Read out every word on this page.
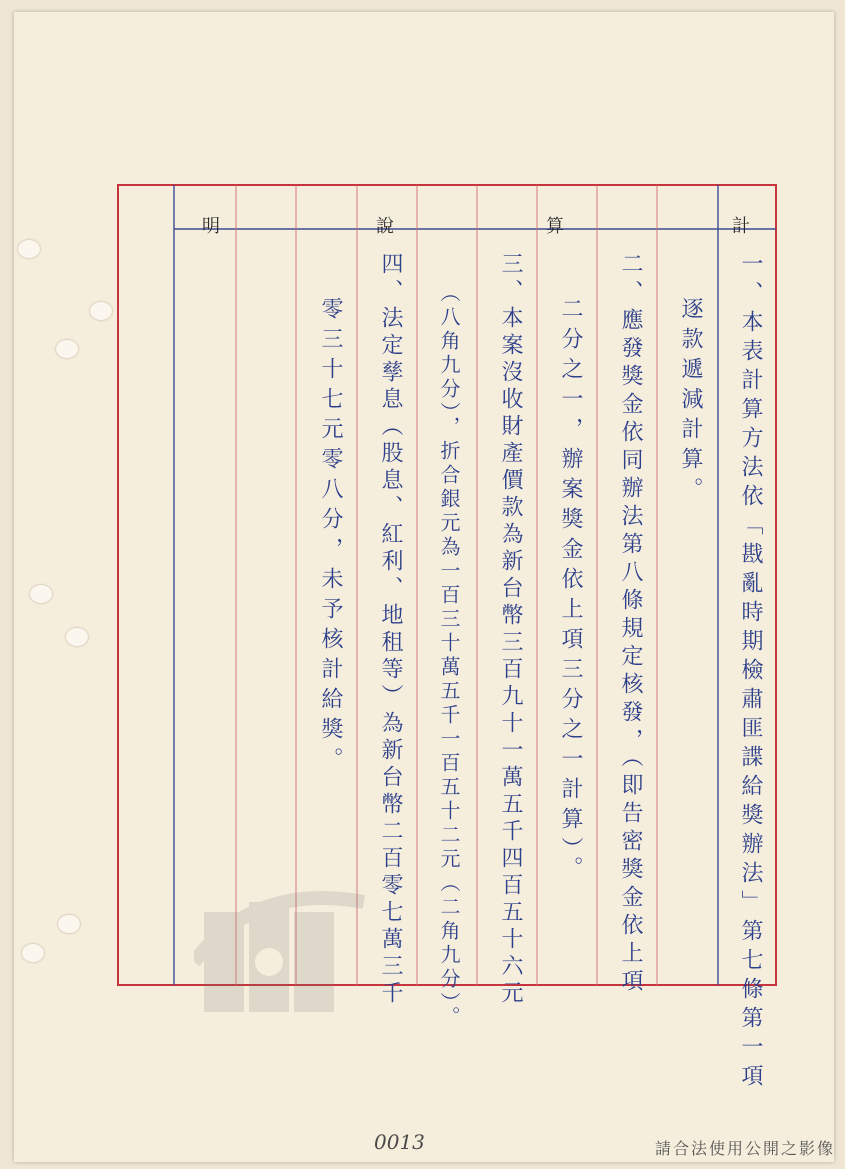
計
算
說
明
一、本表計算方法依「戡亂時期檢肅匪諜給獎辦法」第七條第一項
逐款遞減計算。
二、應發獎金依同辦法第八條規定核發，（即告密獎金依上項
二分之一，辦案獎金依上項三分之一計算）。
三、本案沒收財產價款為新台幣三百九十一萬五千四百五十六元
（八角九分），折合銀元為一百三十萬五千一百五十二元（二角九分）。
四、法定孳息（股息、紅利、地租等）為新台幣二百零七萬三千
零三十七元零八分，未予核計給獎。
0013	請合法使用公開之影像
